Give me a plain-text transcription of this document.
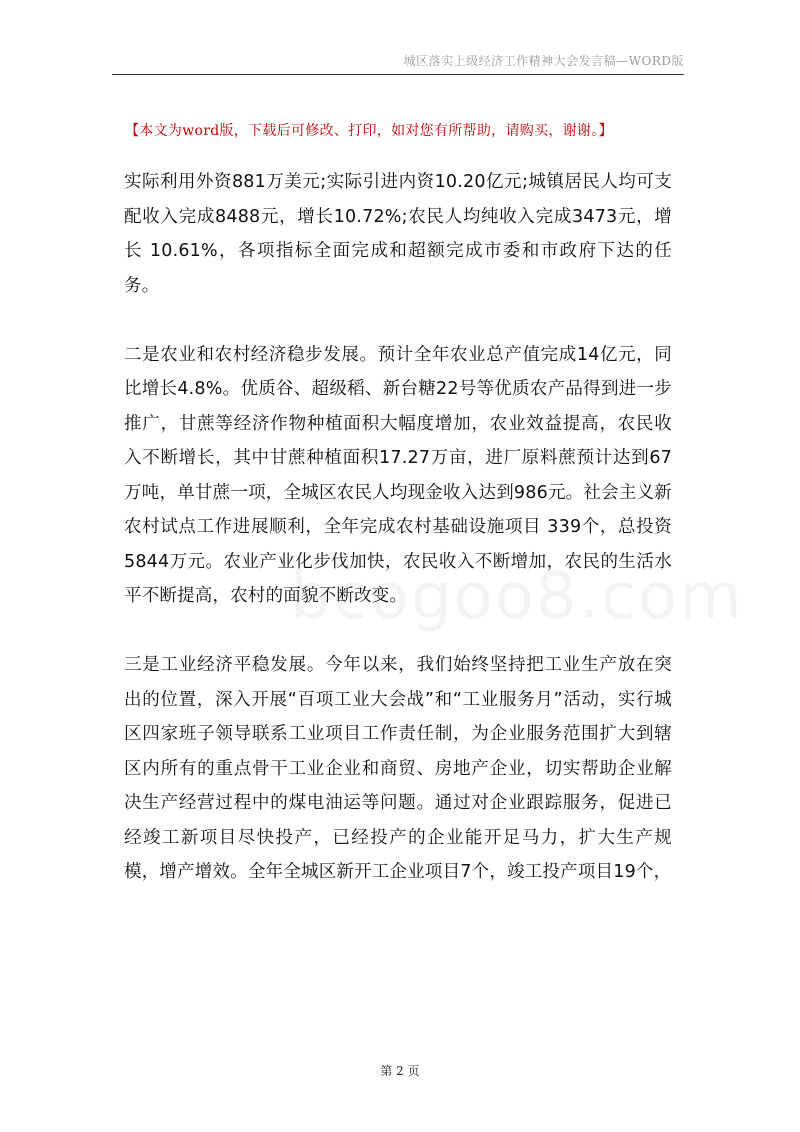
城区落实上级经济工作精神大会发言稿—WORD版
【本文为word版，下载后可修改、打印，如对您有所帮助，请购买，谢谢。】

实际利用外资881万美元;实际引进内资10.20亿元;城镇居民人均可支配收入完成8488元，增长10.72%;农民人均纯收入完成3473元，增长 10.61%，各项指标全面完成和超额完成市委和市政府下达的任务。

二是农业和农村经济稳步发展。预计全年农业总产值完成14亿元，同比增长4.8%。优质谷、超级稻、新台糖22号等优质农产品得到进一步推广，甘蔗等经济作物种植面积大幅度增加，农业效益提高，农民收入不断增长，其中甘蔗种植面积17.27万亩，进厂原料蔗预计达到67万吨，单甘蔗一项，全城区农民人均现金收入达到986元。社会主义新农村试点工作进展顺利，全年完成农村基础设施项目 339个，总投资5844万元。农业产业化步伐加快，农民收入不断增加，农民的生活水平不断提高，农村的面貌不断改变。

三是工业经济平稳发展。今年以来，我们始终坚持把工业生产放在突出的位置，深入开展“百项工业大会战”和“工业服务月”活动，实行城区四家班子领导联系工业项目工作责任制，为企业服务范围扩大到辖区内所有的重点骨干工业企业和商贸、房地产企业，切实帮助企业解决生产经营过程中的煤电油运等问题。通过对企业跟踪服务，促进已经竣工新项目尽快投产，已经投产的企业能开足马力，扩大生产规模，增产增效。全年全城区新开工企业项目7个，竣工投产项目19个，

第 2 页
